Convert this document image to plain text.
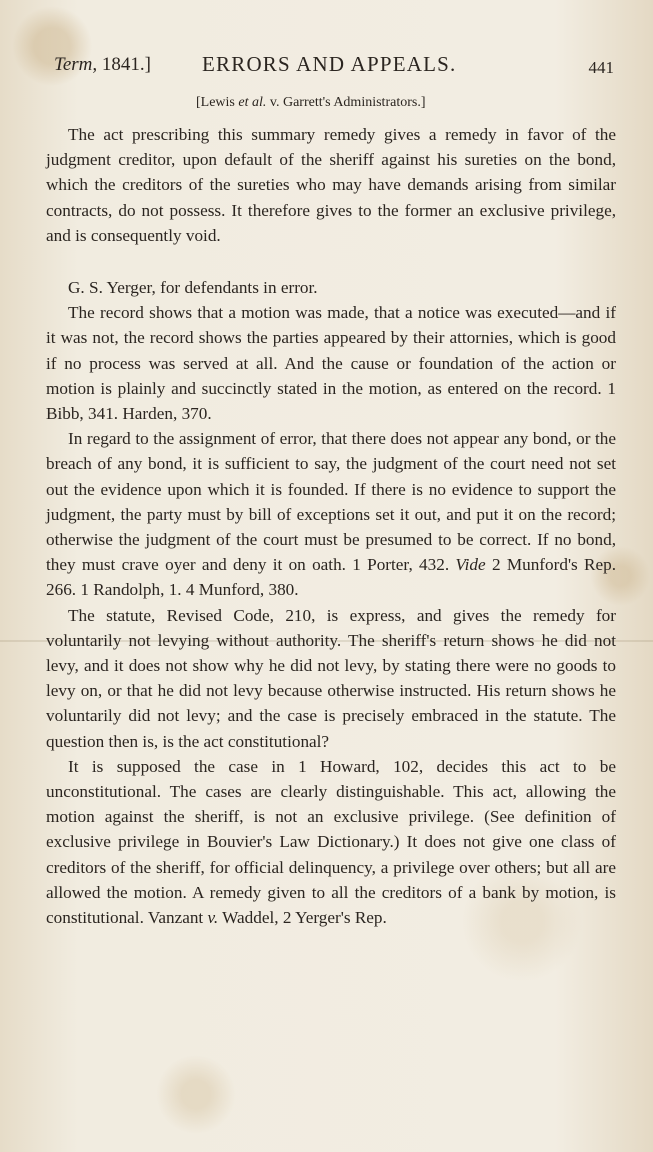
Term, 1841.] ERRORS AND APPEALS.	441
[Lewis et al. v. Garrett's Administrators.]

The act prescribing this summary remedy gives a remedy in favor of the judgment creditor, upon default of the sheriff against his sureties on the bond, which the creditors of the sureties who may have demands arising from similar contracts, do not possess. It therefore gives to the former an exclusive privilege, and is consequently void.

G. S. Yerger, for defendants in error.

The record shows that a motion was made, that a notice was executed—and if it was not, the record shows the parties appeared by their attornies, which is good if no process was served at all. And the cause or foundation of the action or motion is plainly and succinctly stated in the motion, as entered on the record. 1 Bibb, 341. Harden, 370.

In regard to the assignment of error, that there does not appear any bond, or the breach of any bond, it is sufficient to say, the judgment of the court need not set out the evidence upon which it is founded. If there is no evidence to support the judgment, the party must by bill of exceptions set it out, and put it on the record; otherwise the judgment of the court must be presumed to be correct. If no bond, they must crave oyer and deny it on oath. 1 Porter, 432. Vide 2 Munford's Rep. 266. 1 Randolph, 1. 4 Munford, 380.

The statute, Revised Code, 210, is express, and gives the remedy for voluntarily not levying without authority. The sheriff's return shows he did not levy, and it does not show why he did not levy, by stating there were no goods to levy on, or that he did not levy because otherwise instructed. His return shows he voluntarily did not levy; and the case is precisely embraced in the statute. The question then is, is the act constitutional?

It is supposed the case in 1 Howard, 102, decides this act to be unconstitutional. The cases are clearly distinguishable. This act, allowing the motion against the sheriff, is not an exclusive privilege. (See definition of exclusive privilege in Bouvier's Law Dictionary.) It does not give one class of creditors of the sheriff, for official delinquency, a privilege over others; but all are allowed the motion. A remedy given to all the creditors of a bank by motion, is constitutional. Vanzant v. Waddel, 2 Yerger's Rep.
